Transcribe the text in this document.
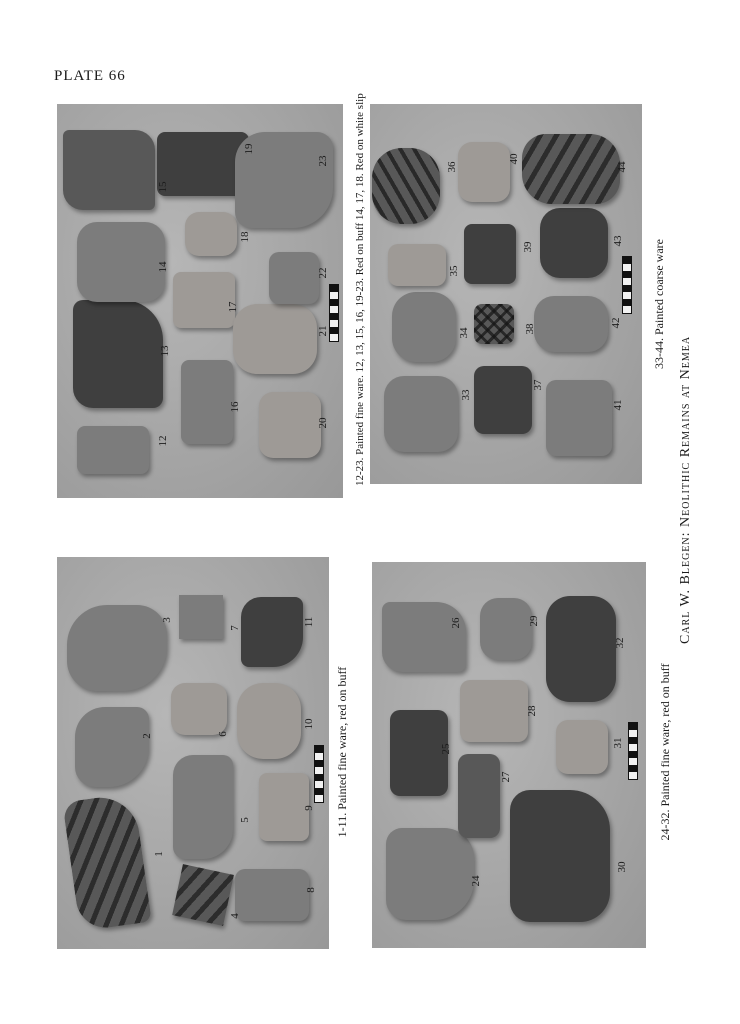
PLATE 66
1
2
3
4
5
6
7
8
9
10
11
24
25
26
27
28
29
30
31
32
12
13
14
15
16
17
18
19
20
21
22
23
33
34
35
36
37
38
39
40
41
42
43
44
1-11. Painted fine ware, red on buff	24-32. Painted fine ware, red on buff
12-23. Painted fine ware. 12, 13, 15, 16, 19-23. Red on buff 14, 17, 18. Red on white slip	33-44. Painted coarse ware
Carl W. Blegen: Neolithic Remains at Nemea
